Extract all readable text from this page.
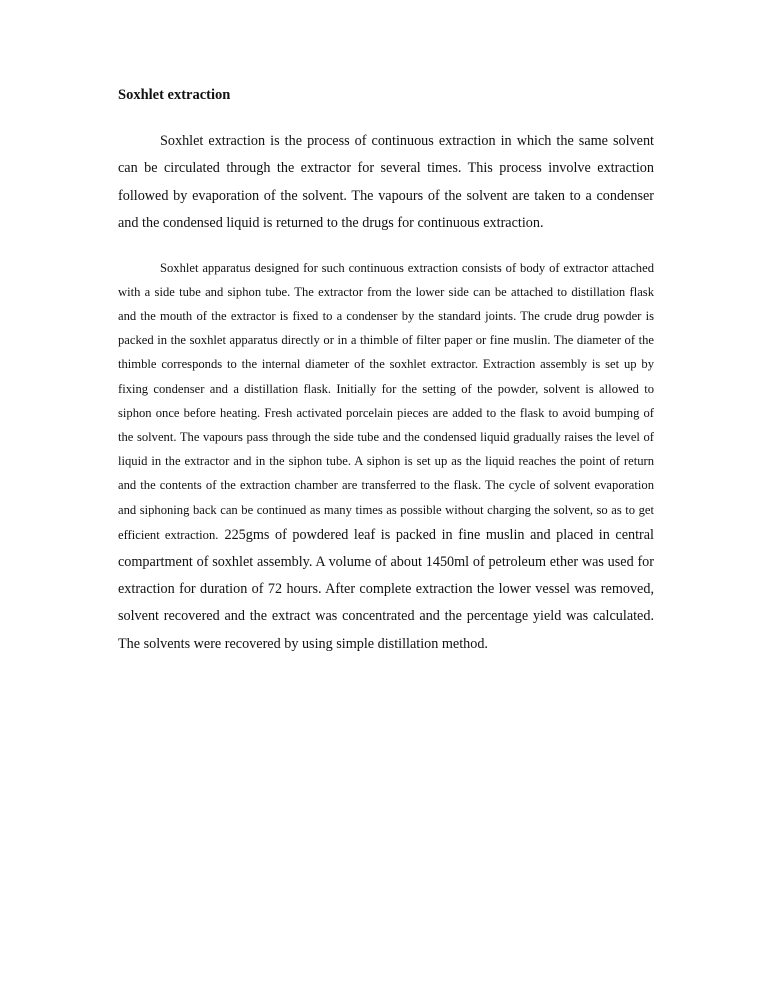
Soxhlet extraction

Soxhlet extraction is the process of continuous extraction in which the same solvent can be circulated through the extractor for several times. This process involve extraction followed by evaporation of the solvent. The vapours of the solvent are taken to a condenser and the condensed liquid is returned to the drugs for continuous extraction.

Soxhlet apparatus designed for such continuous extraction consists of body of extractor attached with a side tube and siphon tube. The extractor from the lower side can be attached to distillation flask and the mouth of the extractor is fixed to a condenser by the standard joints. The crude drug powder is packed in the soxhlet apparatus directly or in a thimble of filter paper or fine muslin. The diameter of the thimble corresponds to the internal diameter of the soxhlet extractor. Extraction assembly is set up by fixing condenser and a distillation flask. Initially for the setting of the powder, solvent is allowed to siphon once before heating. Fresh activated porcelain pieces are added to the flask to avoid bumping of the solvent. The vapours pass through the side tube and the condensed liquid gradually raises the level of liquid in the extractor and in the siphon tube. A siphon is set up as the liquid reaches the point of return and the contents of the extraction chamber are transferred to the flask. The cycle of solvent evaporation and siphoning back can be continued as many times as possible without charging the solvent, so as to get efficient extraction. 225gms of powdered leaf is packed in fine muslin and placed in central compartment of soxhlet assembly. A volume of about 1450ml of petroleum ether was used for extraction for duration of 72 hours. After complete extraction the lower vessel was removed, solvent recovered and the extract was concentrated and the percentage yield was calculated. The solvents were recovered by using simple distillation method.
